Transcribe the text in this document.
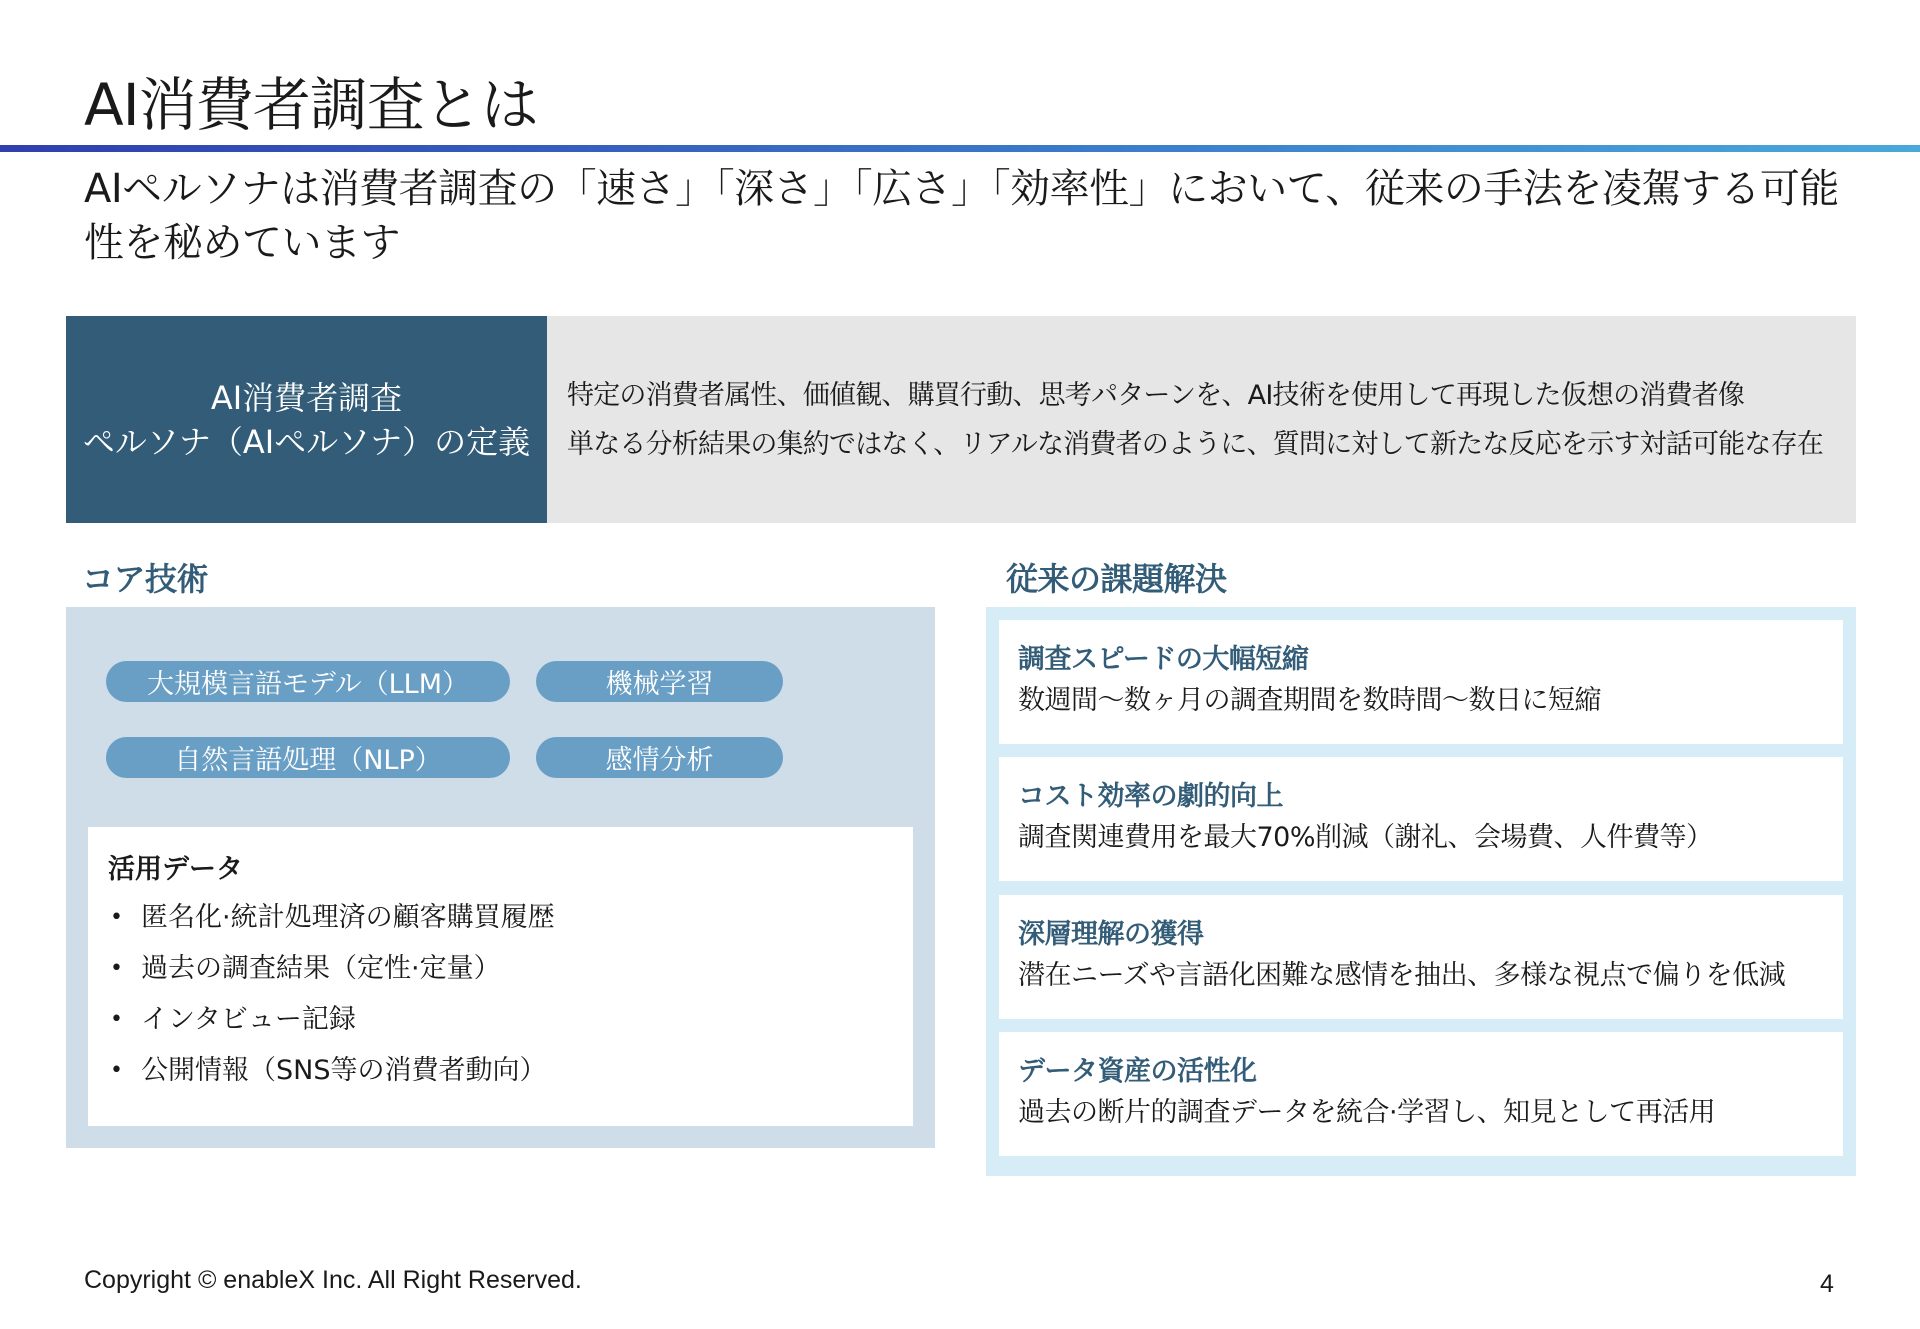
AI消費者調査とは
AIペルソナは消費者調査の「速さ」「深さ」「広さ」「効率性」において、従来の手法を凌駕する可能性を秘めています
AI消費者調査
ペルソナ（AIペルソナ）の定義
特定の消費者属性、価値観、購買行動、思考パターンを、AI技術を使用して再現した仮想の消費者像
単なる分析結果の集約ではなく、リアルな消費者のように、質問に対して新たな反応を示す対話可能な存在
コア技術	従来の課題解決
大規模言語モデル（LLM）	機械学習
自然言語処理（NLP）	感情分析
活用データ
• 匿名化·統計処理済の顧客購買履歴
• 過去の調査結果（定性·定量）
• インタビュー記録
• 公開情報（SNS等の消費者動向）
調査スピードの大幅短縮
数週間～数ヶ月の調査期間を数時間～数日に短縮
コスト効率の劇的向上
調査関連費用を最大70%削減（謝礼、会場費、人件費等）
深層理解の獲得
潜在ニーズや言語化困難な感情を抽出、多様な視点で偏りを低減
データ資産の活性化
過去の断片的調査データを統合·学習し、知見として再活用
Copyright © enableX Inc. All Right Reserved.	4
